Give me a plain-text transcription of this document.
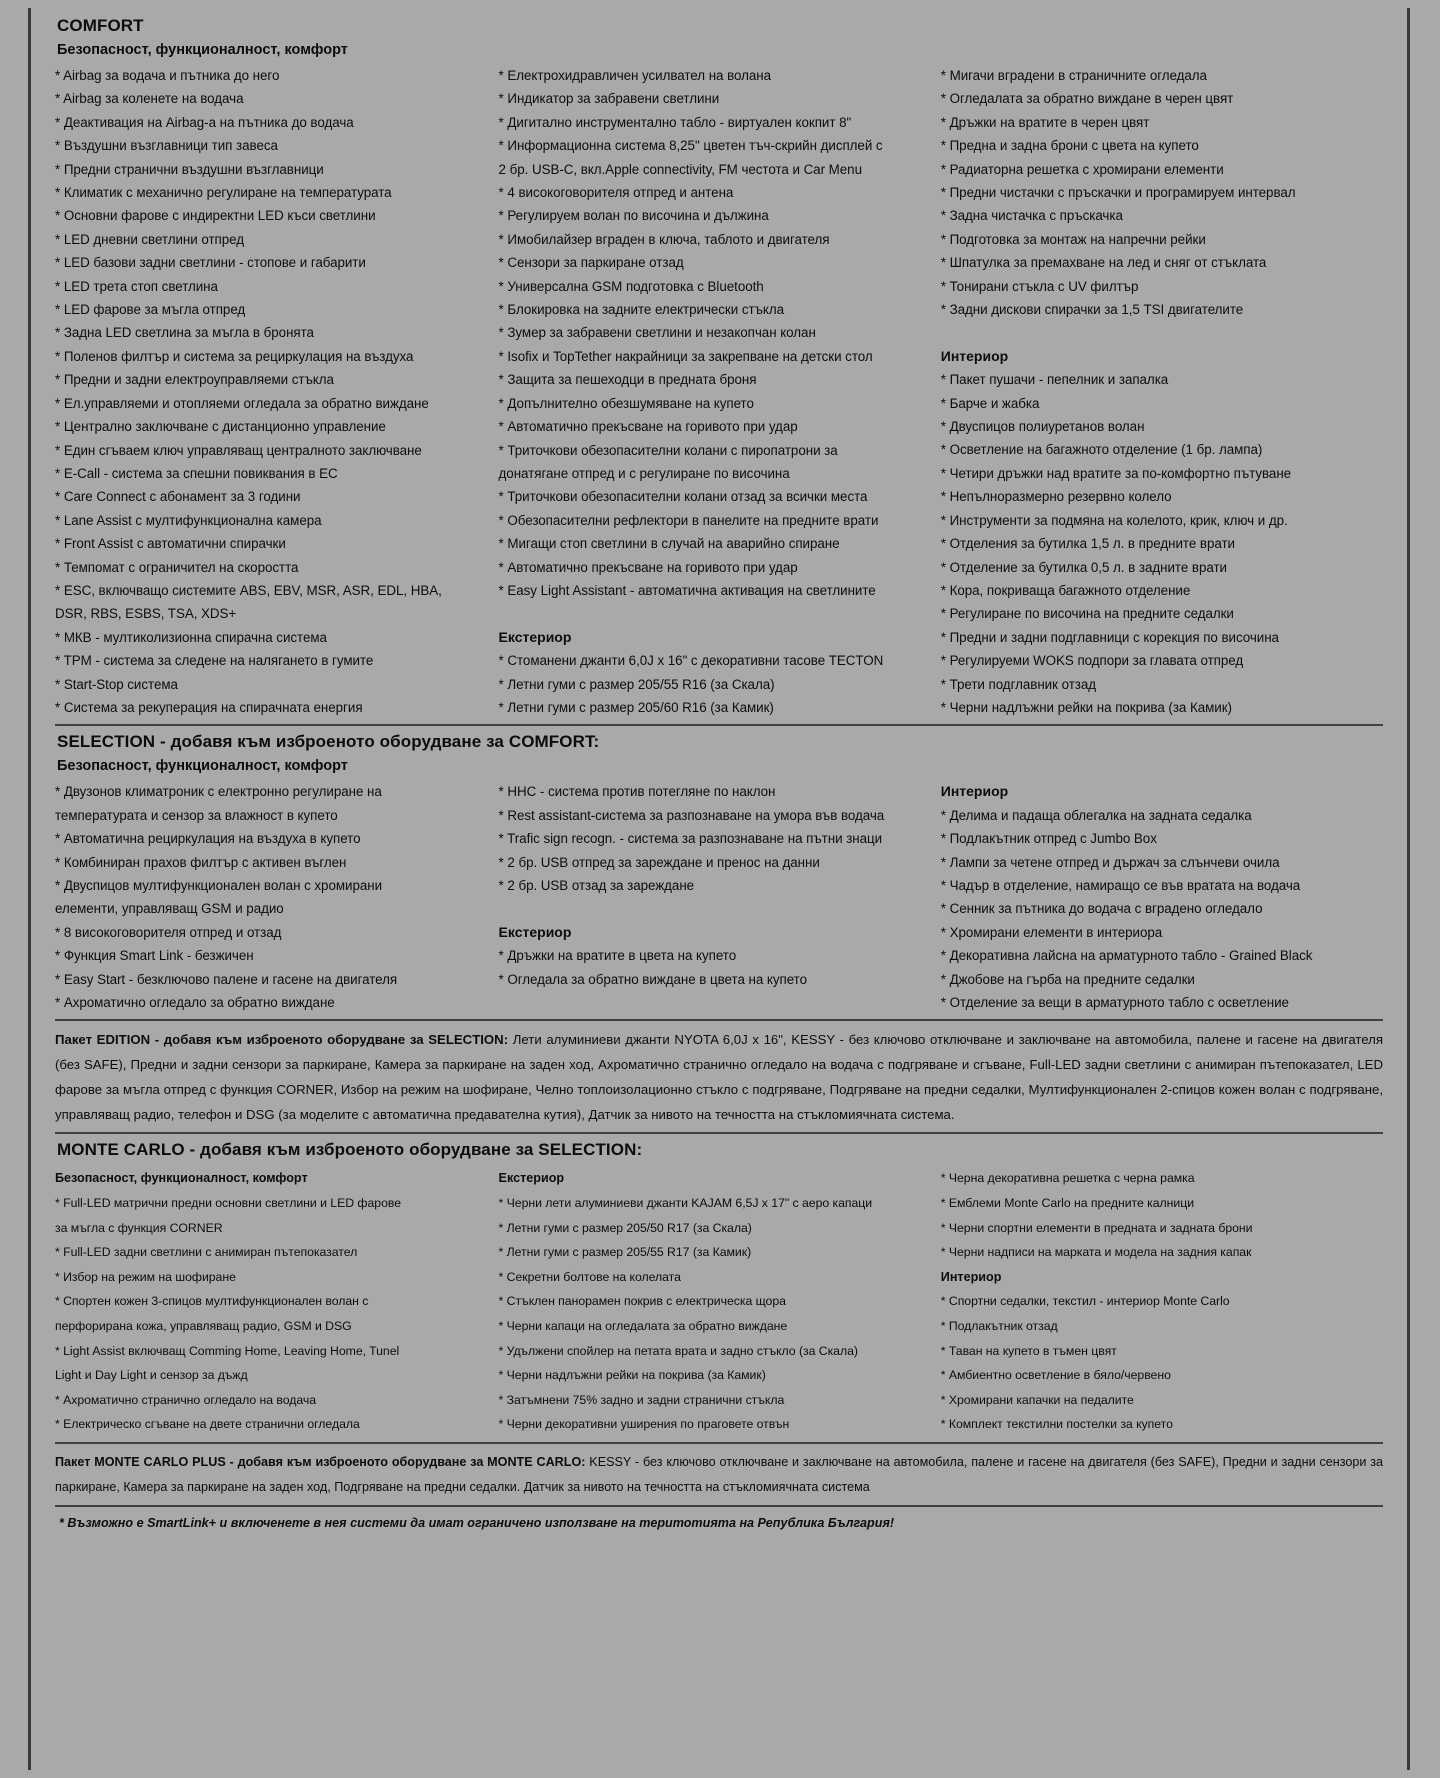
COMFORT
Безопасност, функционалност, комфорт
* Airbag за водача и пътника до него
* Airbag за коленете на водача
* Деактивация на Airbag-а на пътника до водача
* Въздушни възглавници тип завеса
* Предни странични въздушни възглавници
* Климатик с механично регулиране на температурата
* Основни фарове с индиректни LED къси светлини
* LED дневни светлини отпред
* LED базови задни светлини - стопове и габарити
* LED трета стоп светлина
* LED фарове за мъгла отпред
* Задна LED светлина за мъгла в бронята
* Поленов филтър и система за рециркулация на въздуха
* Предни и задни електроуправляеми стъкла
* Ел.управляеми и отопляеми огледала за обратно виждане
* Централно заключване с дистанционно управление
* Един сгъваем ключ управляващ централното заключване
* E-Call - система за спешни повиквания в ЕС
* Care Connect с абонамент за 3 години
* Lane Assist с мултифункционална камера
* Front Assist с автоматични спирачки
* Темпомат с ограничител на скоростта
* ESC, включващо системите ABS, EBV, MSR, ASR, EDL, HBA,
DSR, RBS, ESBS, TSA, XDS+
* МКВ - мултиколизионна спирачна система
* TPM - система за следене на налягането в гумите
* Start-Stop система
* Система за рекуперация на спирачната енергия
* Електрохидравличен усилвател на волана
* Индикатор за забравени светлини
* Дигитално инструментално табло - виртуален кокпит 8"
* Информационна система 8,25" цветен тъч-скрийн дисплей с
2 бр. USB-C, вкл.Apple connectivity, FM честота и Car Menu
* 4 високоговорителя отпред и антена
* Регулируем волан по височина и дължина
* Имобилайзер вграден в ключа, таблото и двигателя
* Сензори за паркиране отзад
* Универсална GSM подготовка с Bluetooth
* Блокировка на задните електрически стъкла
* Зумер за забравени светлини и незакопчан колан
* Isofix и TopTether накрайници за закрепване на детски стол
* Защита за пешеходци в предната броня
* Допълнително обезшумяване на купето
* Автоматично прекъсване на горивото при удар
* Триточкови обезопасителни колани с пиропатрони за
донатягане отпред и с регулиране по височина
* Триточкови обезопасителни колани отзад за всички места
* Обезопасителни рефлектори в панелите на предните врати
* Мигащи стоп светлини в случай на аварийно спиране
* Автоматично прекъсване на горивото при удар
* Easy Light Assistant - автоматична активация на светлините
Екстериор
* Стоманени джанти 6,0J x 16" с декоративни тасове TECTON
* Летни гуми с размер 205/55 R16 (за Скала)
* Летни гуми с размер 205/60 R16 (за Камик)
* Мигачи вградени в страничните огледала
* Огледалата за обратно виждане в черен цвят
* Дръжки на вратите в черен цвят
* Предна и задна брони с цвета на купето
* Радиаторна решетка с хромирани елементи
* Предни чистачки с пръскачки и програмируем интервал
* Задна чистачка с пръскачка
* Подготовка за монтаж на напречни рейки
* Шпатулка за премахване на лед и сняг от стъклата
* Тонирани стъкла с UV филтър
* Задни дискови спирачки за 1,5 TSI двигателите
Интериор
* Пакет пушачи - пепелник и запалка
* Барче и жабка
* Двуспицов полиуретанов волан
* Осветление на багажното отделение (1 бр. лампа)
* Четири дръжки над вратите за по-комфортно пътуване
* Непълноразмерно резервно колело
* Инструменти за подмяна на колелото, крик, ключ и др.
* Отделения за бутилка 1,5 л. в предните врати
* Отделение за бутилка 0,5 л. в задните врати
* Кора, покриваща багажното отделение
* Регулиране по височина на предните седалки
* Предни и задни подглавници с корекция по височина
* Регулируеми WOKS подпори за главата отпред
* Трети подглавник отзад
* Черни надлъжни рейки на покрива (за Камик)
SELECTION - добавя към изброеното оборудване за COMFORT:
Безопасност, функционалност, комфорт
* Двузонов климатроник с електронно регулиране на
температурата и сензор за влажност в купето
* Автоматична рециркулация на въздуха в купето
* Комбиниран прахов филтър с активен въглен
* Двуспицов мултифункционален волан с хромирани
елементи, управляващ GSM и радио
* 8 високоговорителя отпред и отзад
* Функция Smart Link - безжичен
* Easy Start - безключово палене и гасене на двигателя
* Ахроматично огледало за обратно виждане
* HHC - система против потегляне по наклон
* Rest assistant-система за разпознаване на умора във водача
* Trafic sign recogn. - система за разпознаване на пътни знаци
* 2 бр. USB отпред за зареждане и пренос на данни
* 2 бр. USB отзад за зареждане
Екстериор
* Дръжки на вратите в цвета на купето
* Огледала за обратно виждане в цвета на купето
Интериор
* Делима и падаща облегалка на задната седалка
* Подлакътник отпред с Jumbo Box
* Лампи за четене отпред и държач за слънчеви очила
* Чадър в отделение, намиращо се във вратата на водача
* Сенник за пътника до водача с вградено огледало
* Хромирани елементи в интериора
* Декоративна лайсна на арматурното табло - Grained Black
* Джобове на гърба на предните седалки
* Отделение за вещи в арматурното табло с осветление
Пакет EDITION - добавя към изброеното оборудване за SELECTION: Лети алуминиеви джанти NYOTA 6,0J x 16", KESSY - без ключово отключване и заключване на автомобила, палене и гасене на двигателя (без SAFE), Предни и задни сензори за паркиране, Камера за паркиране на заден ход, Ахроматично странично огледало на водача с подгряване и сгъване, Full-LED задни светлини с анимиран пътепоказател, LED фарове за мъгла отпред с функция CORNER, Избор на режим на шофиране, Челно топлоизолационно стъкло с подгряване, Подгряване на предни седалки, Мултифункционален 2-спицов кожен волан с подгряване, управляващ радио, телефон и DSG (за моделите с автоматична предавателна кутия), Датчик за нивото на течността на стъкломиячната система.
MONTE CARLO - добавя към изброеното оборудване за SELECTION:
Безопасност, функционалност, комфорт
* Full-LED матрични предни основни светлини и LED фарове
за мъгла с функция CORNER
* Full-LED задни светлини с анимиран пътепоказател
* Избор на режим на шофиране
* Спортен кожен 3-спицов мултифункционален волан с
перфорирана кожа, управляващ радио, GSM и DSG
* Light Assist включващ Comming Home, Leaving Home, Tunel
Light и Day Light и сензор за дъжд
* Ахроматично странично огледало на водача
* Електрическо сгъване на двете странични огледала
Екстериор
* Черни лети алуминиеви джанти KAJAM 6,5J x 17" с аеро капаци
* Летни гуми с размер 205/50 R17 (за Скала)
* Летни гуми с размер 205/55 R17 (за Камик)
* Секретни болтове на колелата
* Стъклен панорамен покрив с електрическа щора
* Черни капаци на огледалата за обратно виждане
* Удължени спойлер на петата врата и задно стъкло (за Скала)
* Черни надлъжни рейки на покрива (за Камик)
* Затъмнени 75% задно и задни странични стъкла
* Черни декоративни уширения по праговете отвън
* Черна декоративна решетка с черна рамка
* Емблеми Monte Carlo на предните калници
* Черни спортни елементи в предната и задната брони
* Черни надписи на марката и модела на задния капак
Интериор
* Спортни седалки, текстил - интериор Monte Carlo
* Подлакътник отзад
* Таван на купето в тъмен цвят
* Амбиентно осветление в бяло/червено
* Хромирани капачки на педалите
* Комплект текстилни постелки за купето
Пакет MONTE CARLO PLUS - добавя към изброеното оборудване за MONTE CARLO: KESSY - без ключово отключване и заключване на автомобила, палене и гасене на двигателя (без SAFE), Предни и задни сензори за паркиране, Камера за паркиране на заден ход, Подгряване на предни седалки. Датчик за нивото на течността на стъкломиячната система
* Възможно е SmartLink+ и включенете в нея системи да имат ограничено използване на теритотията на Република България!
